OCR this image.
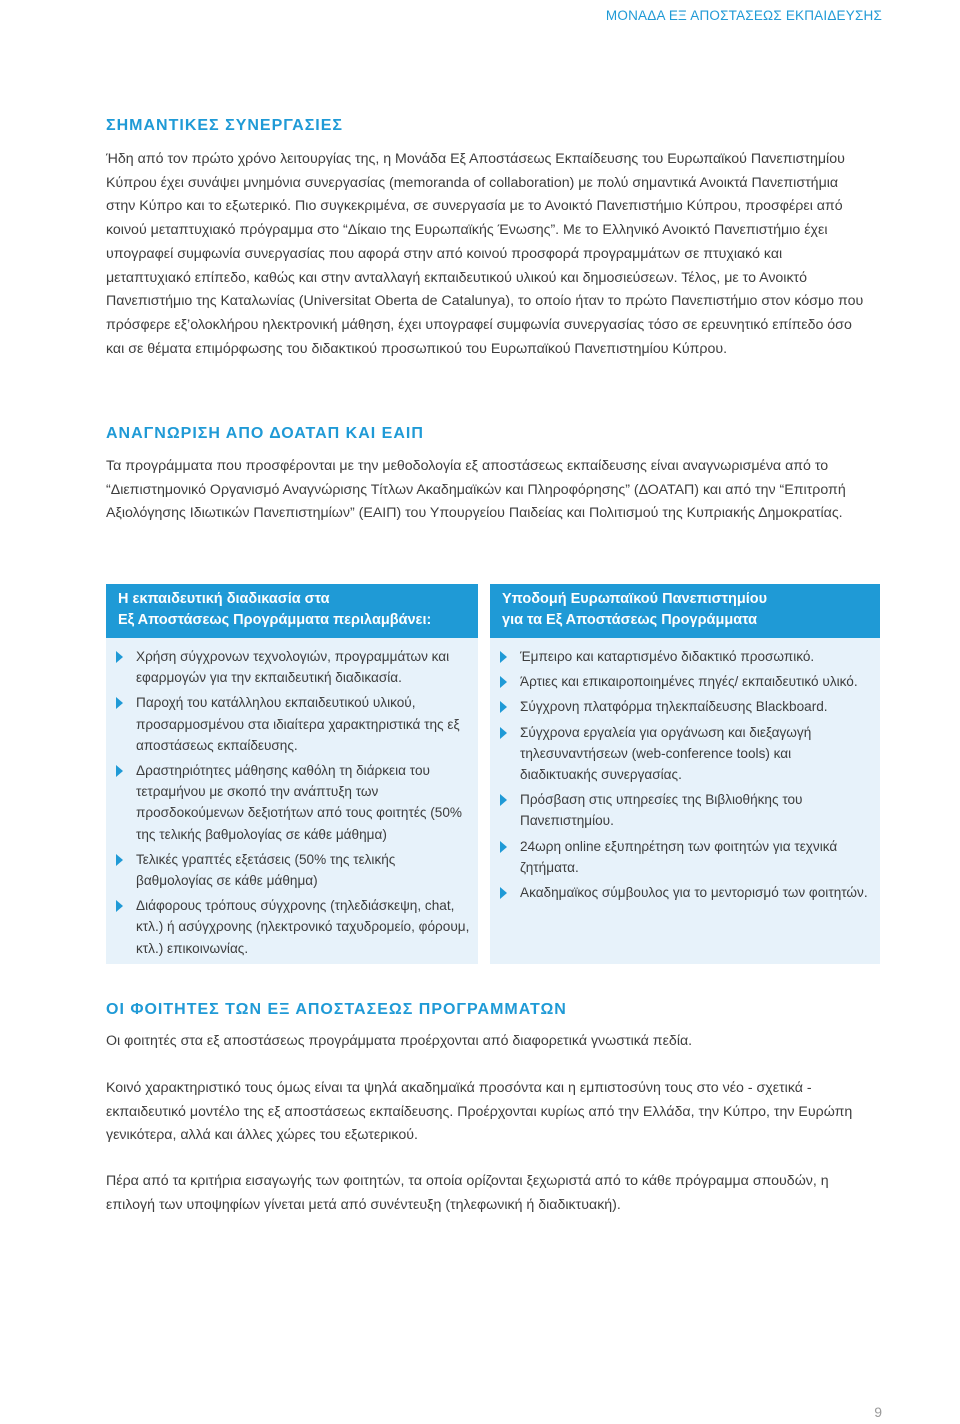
ΜΟΝΑΔΑ ΕΞ ΑΠΟΣΤΑΣΕΩΣ ΕΚΠΑΙΔΕΥΣΗΣ
ΣΗΜΑΝΤΙΚΕΣ ΣΥΝΕΡΓΑΣΙΕΣ

Ήδη από τον πρώτο χρόνο λειτουργίας της, η Μονάδα Εξ Αποστάσεως Εκπαίδευσης του Ευρωπαϊκού Πανεπιστημίου Κύπρου έχει συνάψει μνημόνια συνεργασίας (memoranda of collaboration) με πολύ σημαντικά Ανοικτά Πανεπιστήμια στην Κύπρο και το εξωτερικό. Πιο συγκεκριμένα, σε συνεργασία με το Ανοικτό Πανεπιστήμιο Κύπρου, προσφέρει από κοινού μεταπτυχιακό πρόγραμμα στο “Δίκαιο της Ευρωπαϊκής Ένωσης”. Με το Ελληνικό Ανοικτό Πανεπιστήμιο έχει υπογραφεί συμφωνία συνεργασίας που αφορά στην από κοινού προσφορά προγραμμάτων σε πτυχιακό και μεταπτυχιακό επίπεδο, καθώς και στην ανταλλαγή εκπαιδευτικού υλικού και δημοσιεύσεων. Τέλος, με το Ανοικτό Πανεπιστήμιο της Καταλωνίας (Universitat Oberta de Catalunya), το οποίο ήταν το πρώτο Πανεπιστήμιο στον κόσμο που πρόσφερε εξ’ολοκλήρου ηλεκτρονική μάθηση, έχει υπογραφεί συμφωνία συνεργασίας τόσο σε ερευνητικό επίπεδο όσο και σε θέματα επιμόρφωσης του διδακτικού προσωπικού του Ευρωπαϊκού Πανεπιστημίου Κύπρου.

ΑΝΑΓΝΩΡΙΣΗ ΑΠΟ ΔΟΑΤΑΠ ΚΑΙ ΕΑΙΠ

Τα προγράμματα που προσφέρονται με την μεθοδολογία εξ αποστάσεως εκπαίδευσης είναι αναγνωρισμένα από το “Διεπιστημονικό Οργανισμό Αναγνώρισης Τίτλων Ακαδημαϊκών και Πληροφόρησης” (ΔΟΑΤΑΠ) και από την “Επιτροπή Αξιολόγησης Ιδιωτικών Πανεπιστημίων” (ΕΑΙΠ) του Υπουργείου Παιδείας και Πολιτισμού της Κυπριακής Δημοκρατίας.

Η εκπαιδευτική διαδικασία στα
Εξ Αποστάσεως Προγράμματα περιλαμβάνει:
Χρήση σύγχρονων τεχνολογιών, προγραμμάτων και εφαρμογών για την εκπαιδευτική διαδικασία.
Παροχή του κατάλληλου εκπαιδευτικού υλικού, προσαρμοσμένου στα ιδιαίτερα χαρακτηριστικά της εξ αποστάσεως εκπαίδευσης.
Δραστηριότητες μάθησης καθόλη τη διάρκεια του τετραμήνου με σκοπό την ανάπτυξη των προσδοκούμενων δεξιοτήτων από τους φοιτητές (50% της τελικής βαθμολογίας σε κάθε μάθημα)
Τελικές γραπτές εξετάσεις (50% της τελικής βαθμολογίας σε κάθε μάθημα)
Διάφορους τρόπους σύγχρονης (τηλεδιάσκεψη, chat, κτλ.) ή ασύγχρονης (ηλεκτρονικό ταχυδρομείο, φόρουμ, κτλ.) επικοινωνίας.
Υποδομή Ευρωπαϊκού Πανεπιστημίου
για τα Εξ Αποστάσεως Προγράμματα
Έμπειρο και καταρτισμένο διδακτικό προσωπικό.
Άρτιες και επικαιροποιημένες πηγές/ εκπαιδευτικό υλικό.
Σύγχρονη πλατφόρμα τηλεκπαίδευσης Blackboard.
Σύγχρονα εργαλεία για οργάνωση και διεξαγωγή τηλεσυναντήσεων (web-conference tools) και διαδικτυακής συνεργασίας.
Πρόσβαση στις υπηρεσίες της Βιβλιοθήκης του Πανεπιστημίου.
24ωρη online εξυπηρέτηση των φοιτητών για τεχνικά ζητήματα.
Ακαδημαϊκος σύμβουλος για το μεντορισμό των φοιτητών.
ΟΙ ΦΟΙΤΗΤΕΣ ΤΩΝ ΕΞ ΑΠΟΣΤΑΣΕΩΣ ΠΡΟΓΡΑΜΜΑΤΩΝ

Οι φοιτητές στα εξ αποστάσεως προγράμματα προέρχονται από διαφορετικά γνωστικά πεδία.

Κοινό χαρακτηριστικό τους όμως είναι τα ψηλά ακαδημαϊκά προσόντα και η εμπιστοσύνη τους στο νέο - σχετικά - εκπαιδευτικό μοντέλο της εξ αποστάσεως εκπαίδευσης. Προέρχονται κυρίως από την Ελλάδα, την Κύπρο, την Ευρώπη γενικότερα, αλλά και άλλες χώρες του εξωτερικού.

Πέρα από τα κριτήρια εισαγωγής των φοιτητών, τα οποία ορίζονται ξεχωριστά από το κάθε πρόγραμμα σπουδών, η επιλογή των υποψηφίων γίνεται μετά από συνέντευξη (τηλεφωνική ή διαδικτυακή).

9
